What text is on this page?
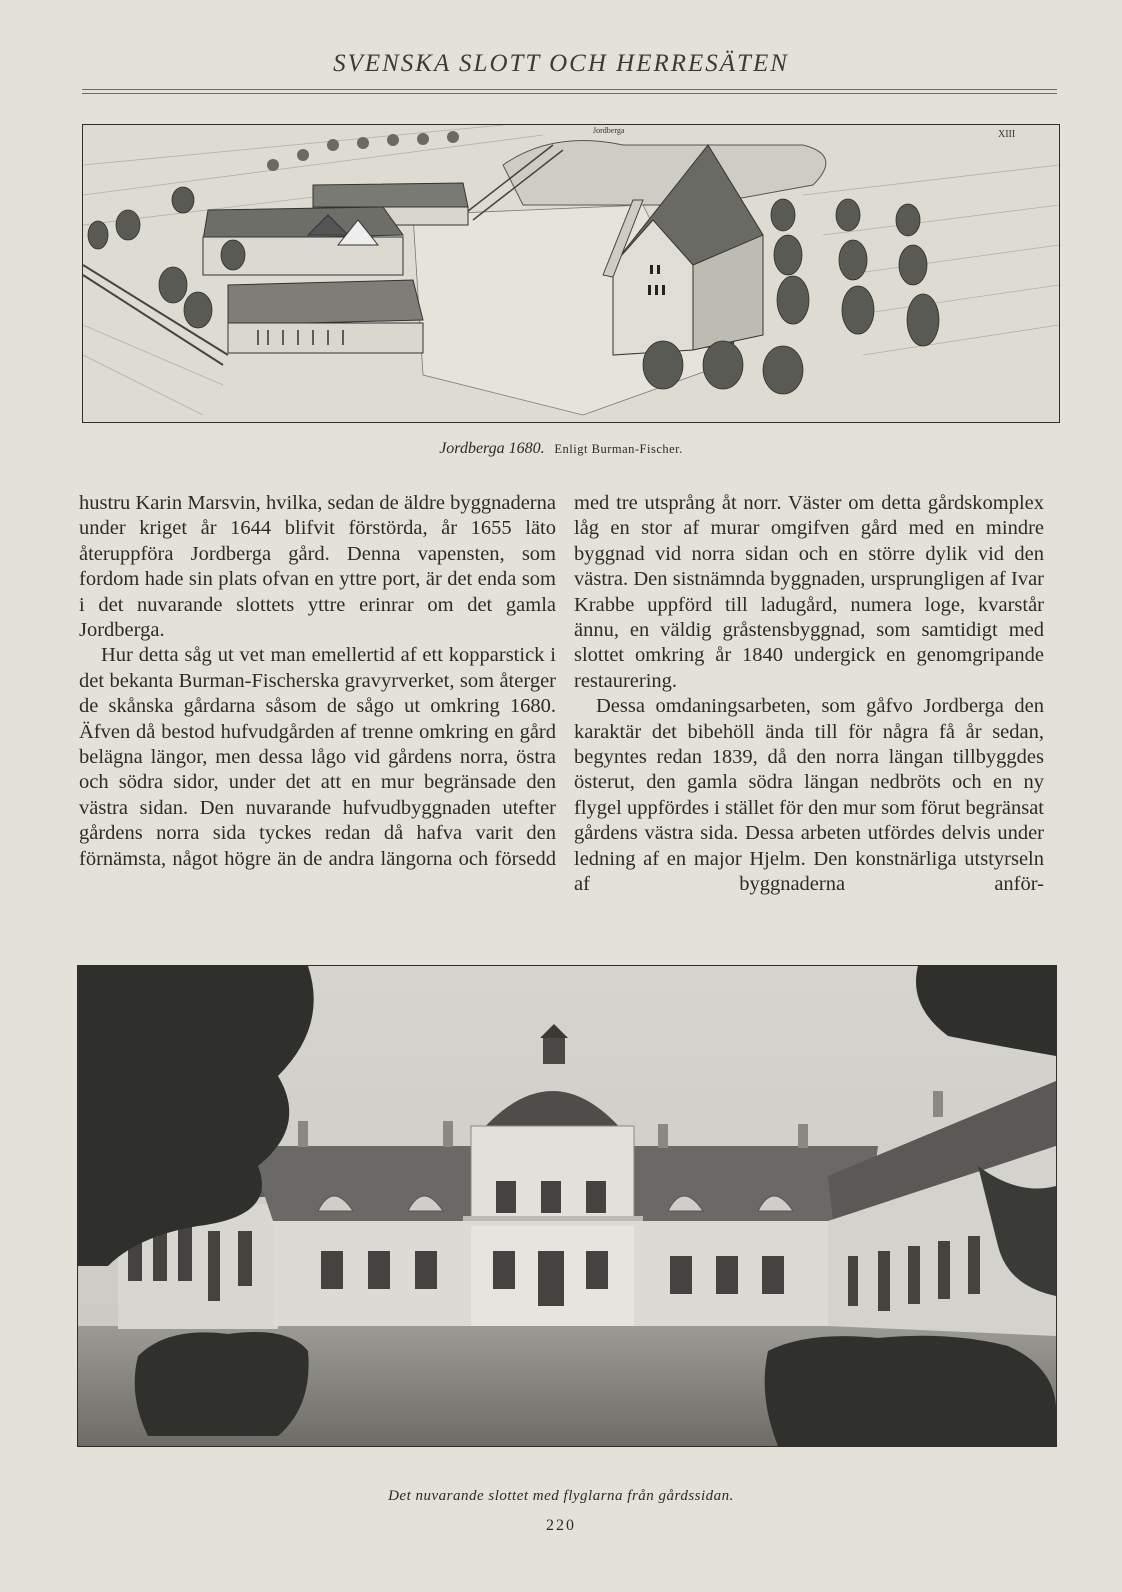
SVENSKA SLOTT OCH HERRESÄTEN
XIII
Jordberga
Jordberga 1680. Enligt Burman-Fischer.
hustru Karin Marsvin, hvilka, sedan de äldre byggnaderna under kriget år 1644 blifvit förstörda, år 1655 läto återuppföra Jordberga gård. Denna vapensten, som fordom hade sin plats ofvan en yttre port, är det enda som i det nuvarande slottets yttre erinrar om det gamla Jordberga.
Hur detta såg ut vet man emellertid af ett kopparstick i det bekanta Burman-Fischerska gravyrverket, som återger de skånska gårdarna såsom de sågo ut omkring 1680. Äfven då bestod hufvudgården af trenne omkring en gård belägna längor, men dessa lågo vid gårdens norra, östra och södra sidor, under det att en mur begränsade den västra sidan. Den nuvarande hufvudbyggnaden utefter gårdens norra sida tyckes redan då hafva varit den förnämsta, något högre än de andra längorna och försedd
med tre utsprång åt norr. Väster om detta gårdskomplex låg en stor af murar omgifven gård med en mindre byggnad vid norra sidan och en större dylik vid den västra. Den sistnämnda byggnaden, ursprungligen af Ivar Krabbe uppförd till ladugård, numera loge, kvarstår ännu, en väldig gråstensbyggnad, som samtidigt med slottet omkring år 1840 undergick en genomgripande restaurering.
Dessa omdaningsarbeten, som gåfvo Jordberga den karaktär det bibehöll ända till för några få år sedan, begyntes redan 1839, då den norra längan tillbyggdes österut, den gamla södra längan nedbröts och en ny flygel uppfördes i stället för den mur som förut begränsat gårdens västra sida. Dessa arbeten utfördes delvis under ledning af en major Hjelm. Den konstnärliga utstyrseln af byggnaderna anför-
Det nuvarande slottet med flyglarna från gårdssidan.
220
